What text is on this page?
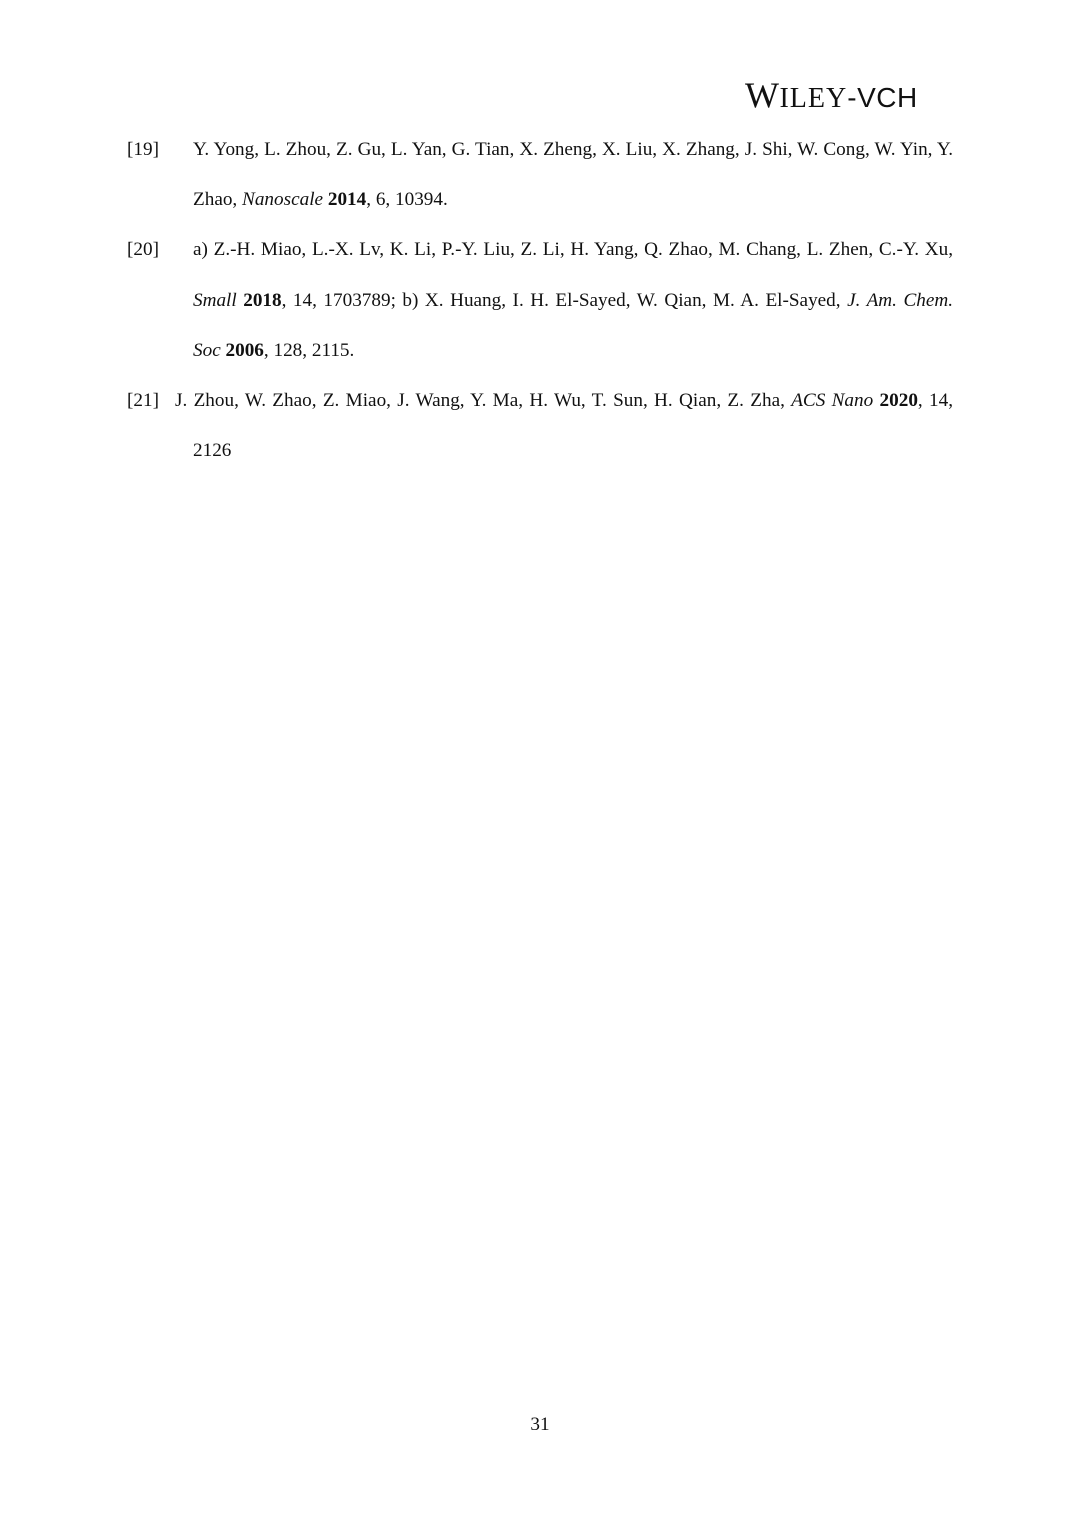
WILEY-VCH
[19] Y. Yong, L. Zhou, Z. Gu, L. Yan, G. Tian, X. Zheng, X. Liu, X. Zhang, J. Shi, W. Cong, W. Yin, Y. Zhao, Nanoscale 2014, 6, 10394.
[20] a) Z.-H. Miao, L.-X. Lv, K. Li, P.-Y. Liu, Z. Li, H. Yang, Q. Zhao, M. Chang, L. Zhen, C.-Y. Xu, Small 2018, 14, 1703789; b) X. Huang, I. H. El-Sayed, W. Qian, M. A. El-Sayed, J. Am. Chem. Soc 2006, 128, 2115.
[21] J. Zhou, W. Zhao, Z. Miao, J. Wang, Y. Ma, H. Wu, T. Sun, H. Qian, Z. Zha, ACS Nano 2020, 14, 2126
31
